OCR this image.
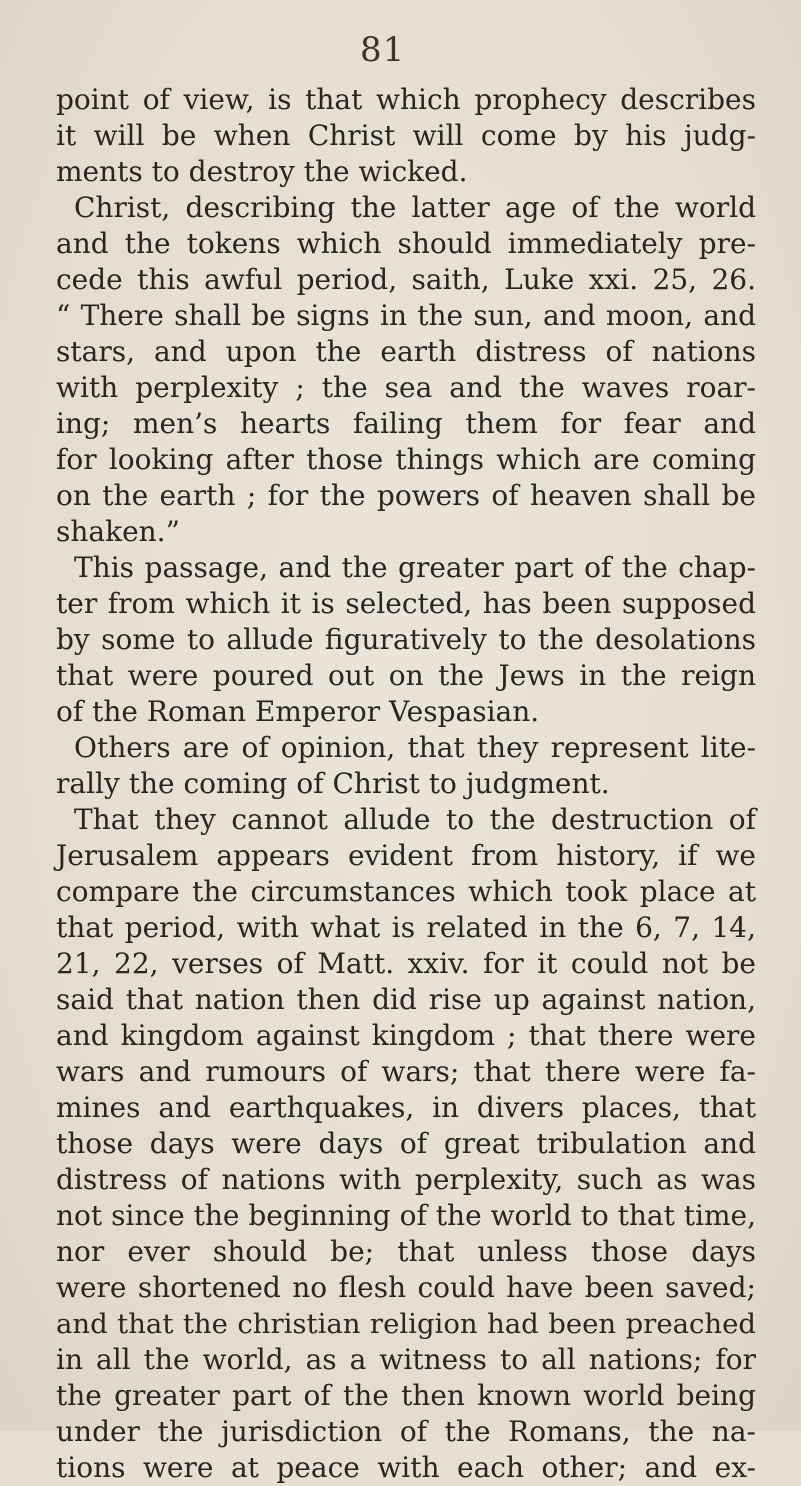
81
point of view, is that which prophecy describes
it will be when Christ will come by his judg-
ments to destroy the wicked.
Christ, describing the latter age of the world
and the tokens which should immediately pre-
cede this awful period, saith, Luke xxi. 25, 26.
“ There shall be signs in the sun, and moon, and
stars, and upon the earth distress of nations
with perplexity ; the sea and the waves roar-
ing; men’s hearts failing them for fear and
for looking after those things which are coming
on the earth ; for the powers of heaven shall be
shaken.”
This passage, and the greater part of the chap-
ter from which it is selected, has been supposed
by some to allude figuratively to the desolations
that were poured out on the Jews in the reign
of the Roman Emperor Vespasian.
Others are of opinion, that they represent lite-
rally the coming of Christ to judgment.
That they cannot allude to the destruction of
Jerusalem appears evident from history, if we
compare the circumstances which took place at
that period, with what is related in the 6, 7, 14,
21, 22, verses of Matt. xxiv. for it could not be
said that nation then did rise up against nation,
and kingdom against kingdom ; that there were
wars and rumours of wars; that there were fa-
mines and earthquakes, in divers places, that
those days were days of great tribulation and
distress of nations with perplexity, such as was
not since the beginning of the world to that time,
nor ever should be; that unless those days
were shortened no flesh could have been saved;
and that the christian religion had been preached
in all the world, as a witness to all nations; for
the greater part of the then known world being
under the jurisdiction of the Romans, the na-
tions were at peace with each other; and ex-
